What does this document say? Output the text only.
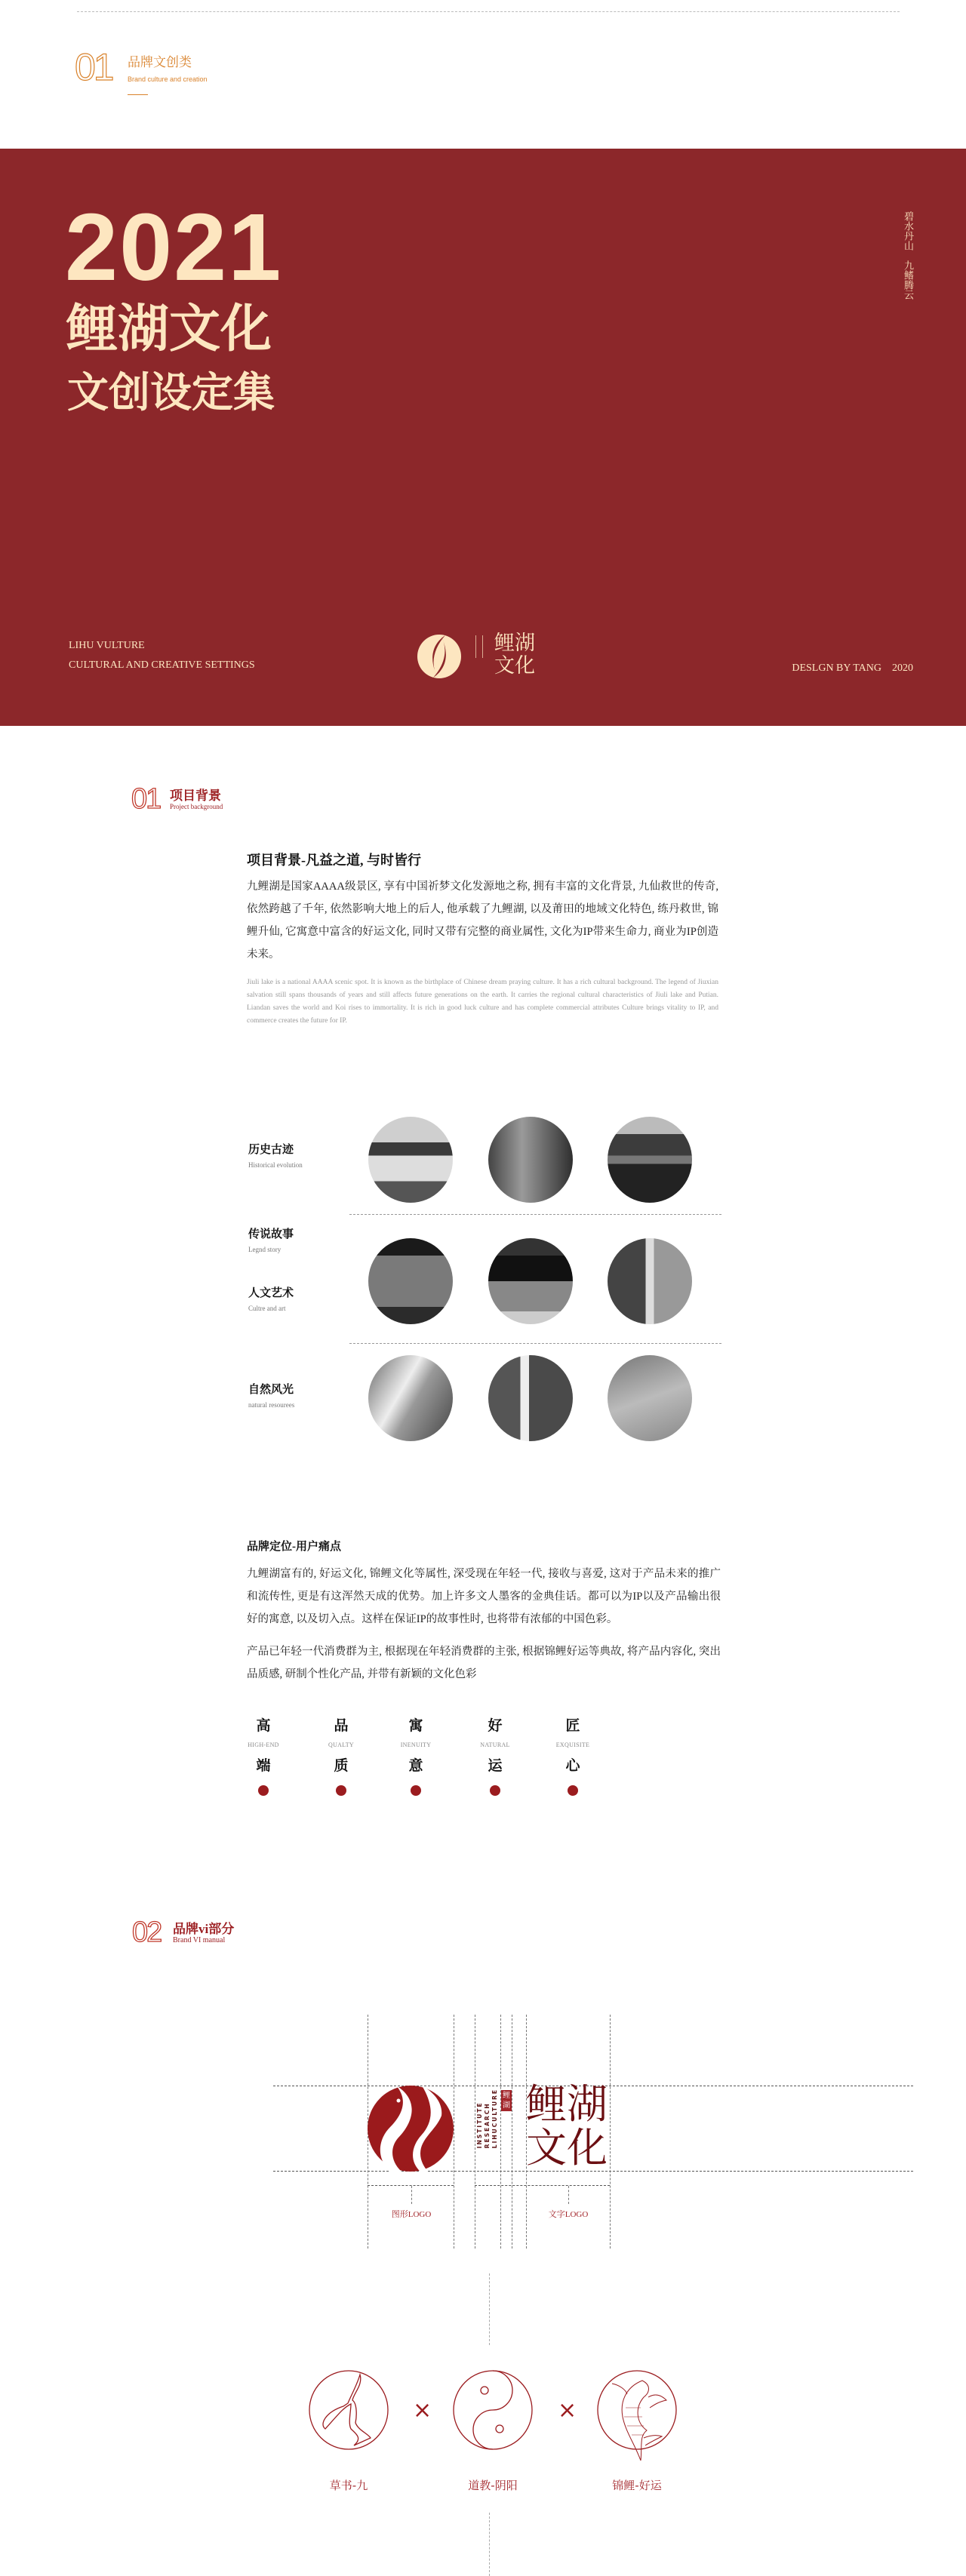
01 品牌文创类
Brand culture and creation
2021
鲤湖文化
文创设定集
碧水丹山　九鳍腾云
LIHU VULTURE
CULTURAL AND CREATIVE SETTINGS
鲤湖文化	DESLGN BY TANG　2020
01 项目背景
Project background
项目背景-凡益之道, 与时皆行
九鲤湖是国家AAAA级景区, 享有中国祈梦文化发源地之称, 拥有丰富的文化背景, 九仙救世的传奇, 依然跨越了千年, 依然影响大地上的后人, 他承载了九鲤湖, 以及莆田的地域文化特色, 练丹救世, 锦鲤升仙, 它寓意中富含的好运文化, 同时又带有完整的商业属性, 文化为IP带来生命力, 商业为IP创造未来。
Jiuli lake is a national AAAA scenic spot. It is known as the birthplace of Chinese dream praying culture. It has a rich cultural background. The legend of Jiuxian salvation still spans thousands of years and still affects future generations on the earth. It carries the regional cultural characteristics of Jiuli lake and Putian. Liandan saves the world and Koi rises to immortality. It is rich in good luck culture and has complete commercial attributes Culture brings vitality to IP, and commerce creates the future for IP.
历史古迹
Historical evolution
传说故事
Legnd story
人文艺术
Cultre and art
自然风光
natural resourees
品牌定位-用户痛点
九鲤湖富有的, 好运文化, 锦鲤文化等属性, 深受现在年轻一代, 接收与喜爱, 这对于产品未来的推广和流传性, 更是有这浑然天成的优势。加上许多文人墨客的金典佳话。都可以为IP以及产品输出很好的寓意, 以及切入点。这样在保证IP的故事性时, 也将带有浓郁的中国色彩。
产品已年轻一代消费群为主, 根据现在年轻消费群的主张, 根据锦鲤好运等典故, 将产品内容化, 突出品质感, 研制个性化产品, 并带有新颖的文化色彩
高
HIGH-END
端
品
QUALTY
质
寓
INENUITY
意
好
NATURAL
运
匠
EXQUISITE
心
02 品牌vi部分
Brand VI manual
INSTITUTE RESEARCH LIHUCULTURE 鲤湖 鲤湖文化
图形LOGO	文字LOGO
×	×
草书-九	道教-阴阳	锦鲤-好运
